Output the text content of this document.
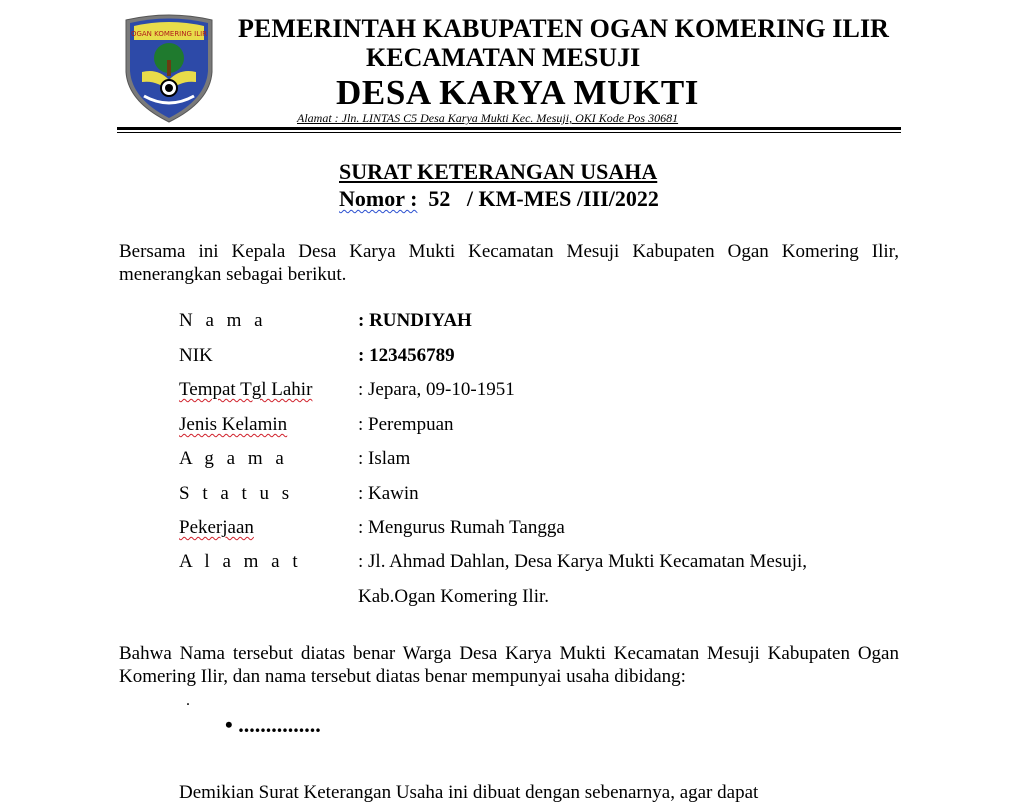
OGAN KOMERING ILIR PEMERINTAH KABUPATEN OGAN KOMERING ILIR
KECAMATAN MESUJI
DESA KARYA MUKTI
Alamat : Jln. LINTAS C5 Desa Karya Mukti Kec. Mesuji, OKI Kode Pos 30681
SURAT KETERANGAN USAHA
Nomor :  52   / KM-MES /III/2022
Bersama ini Kepala Desa Karya Mukti Kecamatan Mesuji Kabupaten Ogan Komering Ilir, menerangkan sebagai berikut.
N a m a	: RUNDIYAH
NIK	: 123456789
Tempat Tgl Lahir : Jepara, 09-10-1951
Jenis Kelamin	: Perempuan
A g a m a	: Islam
S t a t u s	: Kawin
Pekerjaan	: Mengurus Rumah Tangga
A l a m a t	: Jl. Ahmad Dahlan, Desa Karya Mukti Kecamatan Mesuji,
Kab.Ogan Komering Ilir.
Bahwa Nama tersebut diatas benar Warga Desa Karya Mukti Kecamatan Mesuji Kabupaten Ogan Komering Ilir, dan nama tersebut diatas benar mempunyai usaha dibidang:
.
• ...............
Demikian Surat Keterangan Usaha ini dibuat dengan sebenarnya, agar dapat
